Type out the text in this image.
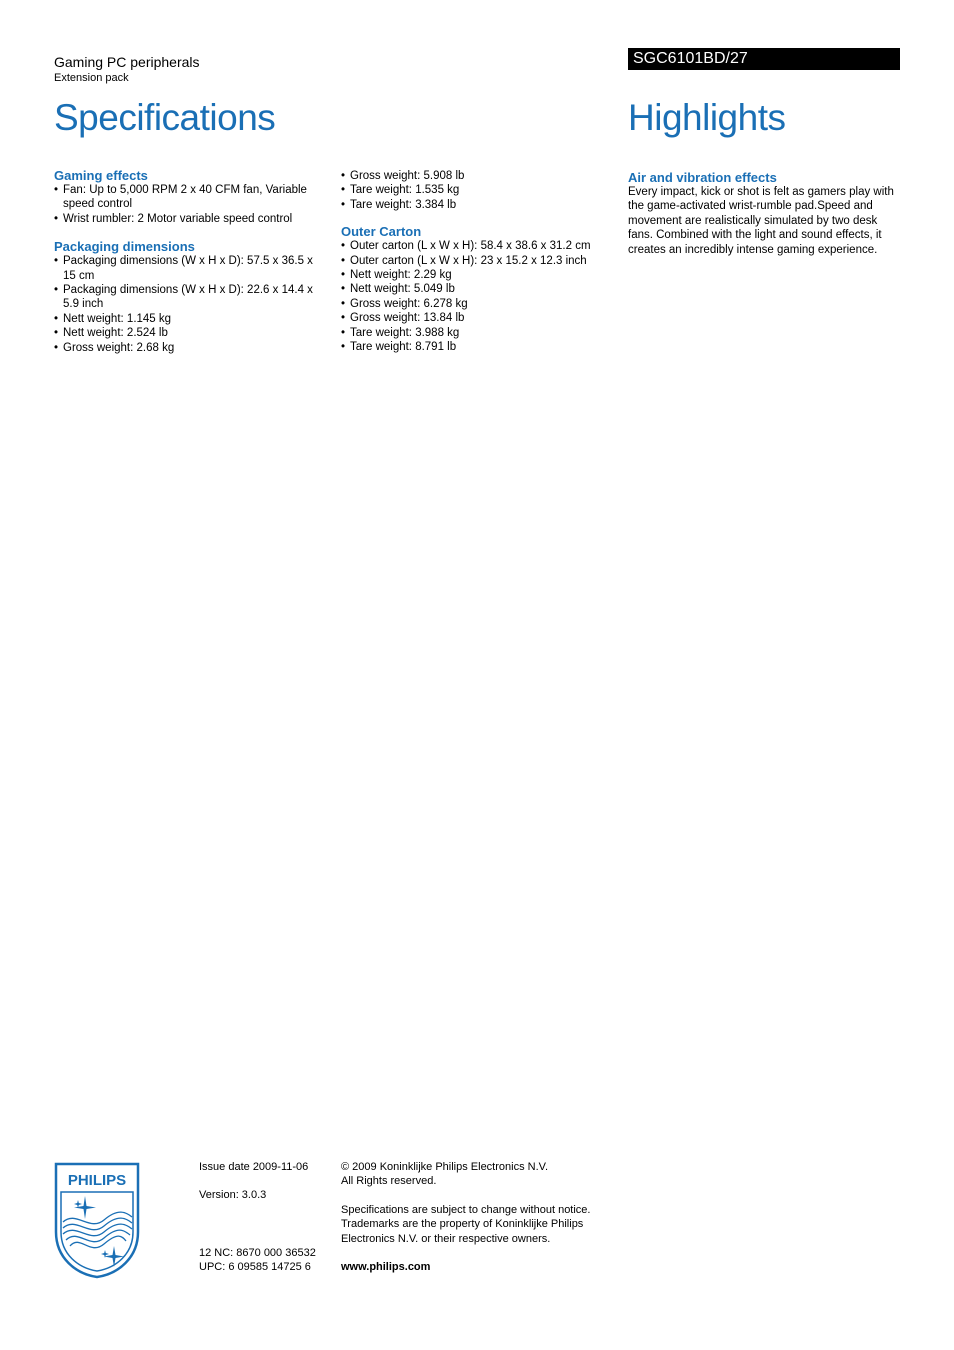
Gaming PC peripherals
Extension pack
Specifications
SGC6101BD/27
Highlights
Gaming effects
• Fan: Up to 5,000 RPM 2 x 40 CFM fan, Variable speed control
• Wrist rumbler: 2 Motor variable speed control
Packaging dimensions
• Packaging dimensions (W x H x D): 57.5 x 36.5 x 15 cm
• Packaging dimensions (W x H x D): 22.6 x 14.4 x 5.9 inch
• Nett weight: 1.145 kg
• Nett weight: 2.524 lb
• Gross weight: 2.68 kg
• Gross weight: 5.908 lb
• Tare weight: 1.535 kg
• Tare weight: 3.384 lb
Outer Carton
• Outer carton (L x W x H): 58.4 x 38.6 x 31.2 cm
• Outer carton (L x W x H): 23 x 15.2 x 12.3 inch
• Nett weight: 2.29 kg
• Nett weight: 5.049 lb
• Gross weight: 6.278 kg
• Gross weight: 13.84 lb
• Tare weight: 3.988 kg
• Tare weight: 8.791 lb
Air and vibration effects
Every impact, kick or shot is felt as gamers play with the game-activated wrist-rumble pad.Speed and movement are realistically simulated by two desk fans. Combined with the light and sound effects, it creates an incredibly intense gaming experience.
PHILIPS
Issue date 2009-11-06
Version: 3.0.3
12 NC: 8670 000 36532
UPC: 6 09585 14725 6
© 2009 Koninklijke Philips Electronics N.V.
All Rights reserved.
Specifications are subject to change without notice.
Trademarks are the property of Koninklijke Philips
Electronics N.V. or their respective owners.
www.philips.com
